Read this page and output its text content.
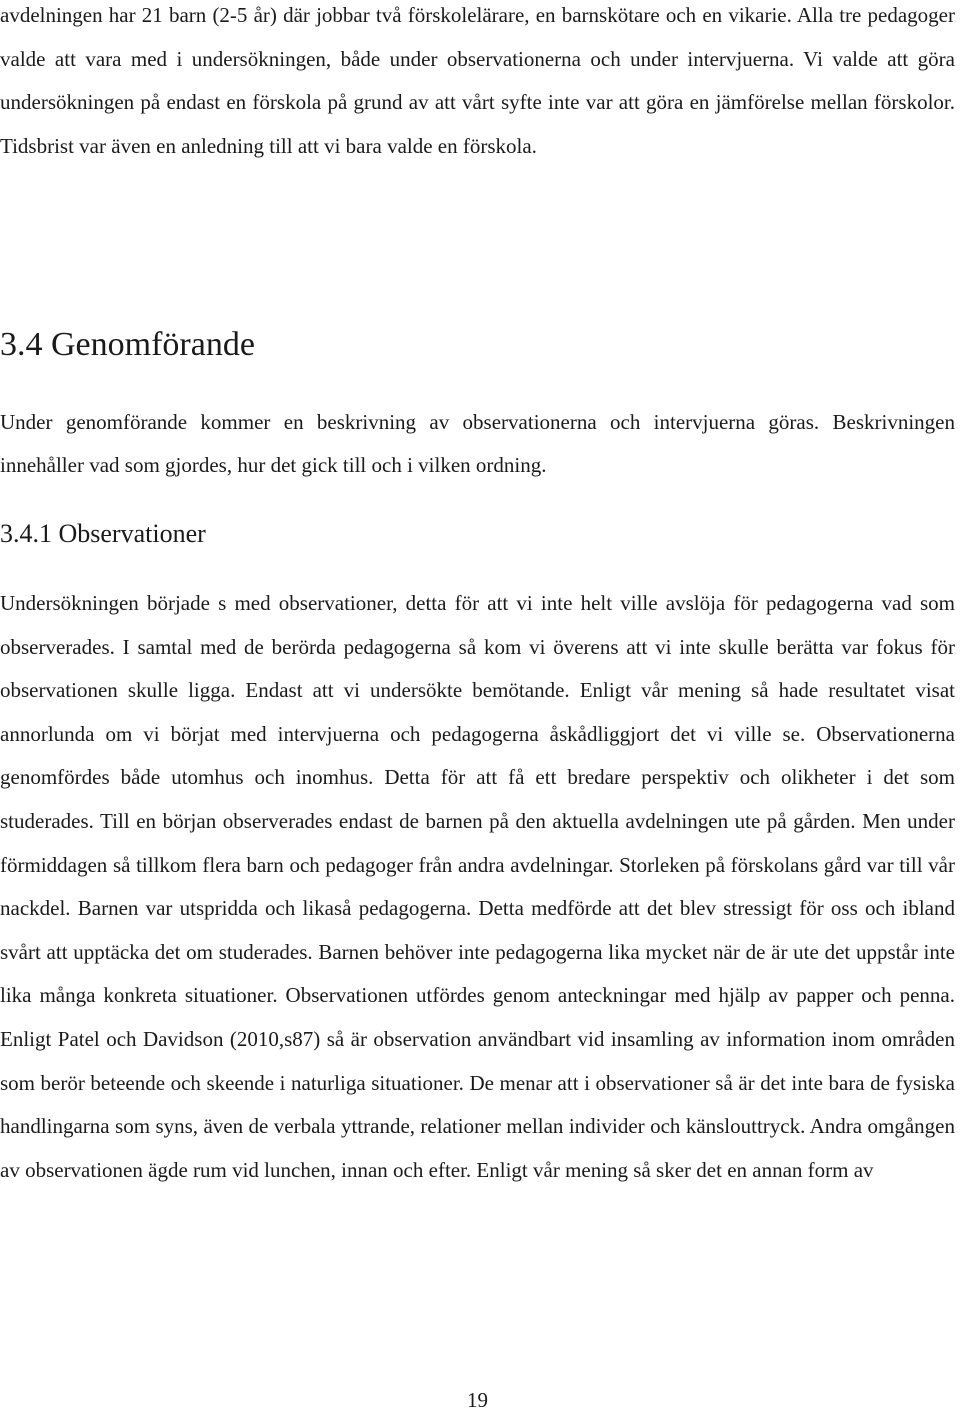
avdelningen har 21 barn (2-5 år) där jobbar två förskolelärare, en barnskötare och en vikarie. Alla tre pedagoger valde att vara med i undersökningen, både under observationerna och under intervjuerna. Vi valde att göra undersökningen på endast en förskola på grund av att vårt syfte inte var att göra en jämförelse mellan förskolor. Tidsbrist var även en anledning till att vi bara valde en förskola.

3.4 Genomförande

Under genomförande kommer en beskrivning av observationerna och intervjuerna göras. Beskrivningen innehåller vad som gjordes, hur det gick till och i vilken ordning.

3.4.1 Observationer

Undersökningen började s med observationer, detta för att vi inte helt ville avslöja för pedagogerna vad som observerades. I samtal med de berörda pedagogerna så kom vi överens att vi inte skulle berätta var fokus för observationen skulle ligga. Endast att vi undersökte bemötande. Enligt vår mening så hade resultatet visat annorlunda om vi börjat med intervjuerna och pedagogerna åskådliggjort det vi ville se. Observationerna genomfördes både utomhus och inomhus. Detta för att få ett bredare perspektiv och olikheter i det som studerades. Till en början observerades endast de barnen på den aktuella avdelningen ute på gården. Men under förmiddagen så tillkom flera barn och pedagoger från andra avdelningar. Storleken på förskolans gård var till vår nackdel. Barnen var utspridda och likaså pedagogerna. Detta medförde att det blev stressigt för oss och ibland svårt att upptäcka det om studerades. Barnen behöver inte pedagogerna lika mycket när de är ute det uppstår inte lika många konkreta situationer. Observationen utfördes genom anteckningar med hjälp av papper och penna. Enligt Patel och Davidson (2010,s87) så är observation användbart vid insamling av information inom områden som berör beteende och skeende i naturliga situationer. De menar att i observationer så är det inte bara de fysiska handlingarna som syns, även de verbala yttrande, relationer mellan individer och känslouttryck. Andra omgången av observationen ägde rum vid lunchen, innan och efter. Enligt vår mening så sker det en annan form av

19
